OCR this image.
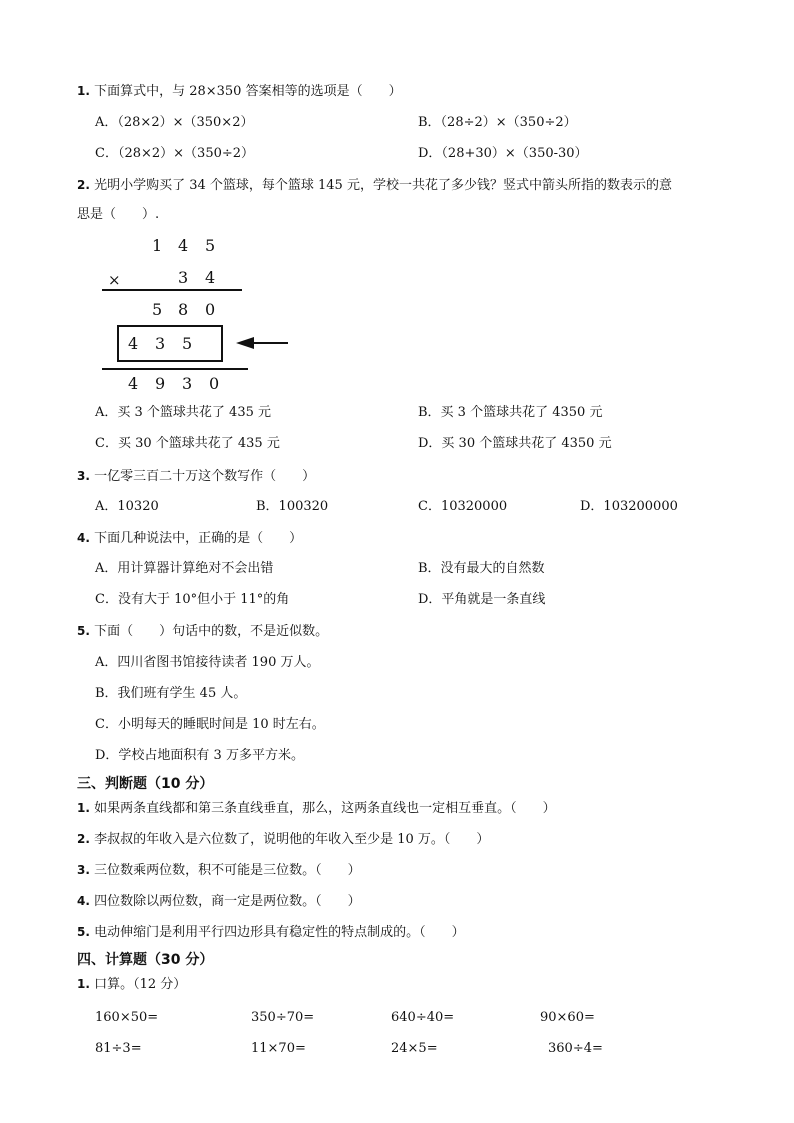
1. 下面算式中，与 28×350 答案相等的选项是（　　）
A．（28×2）×（350×2）	B．（28÷2）×（350÷2）
C．（28×2）×（350÷2）	D．（28+30）×（350-30）
2. 光明小学购买了 34 个篮球，每个篮球 145 元，学校一共花了多少钱？竖式中箭头所指的数表示的意
思是（　　）.
1 4 5
×	3 4
5 8 0
4 3 5
4 9 3 0
A．买 3 个篮球共花了 435 元	B．买 3 个篮球共花了 4350 元
C．买 30 个篮球共花了 435 元	D．买 30 个篮球共花了 4350 元
3. 一亿零三百二十万这个数写作（　　）
A．10320	B．100320	C．10320000	D．103200000
4. 下面几种说法中，正确的是（　　）
A．用计算器计算绝对不会出错	B．没有最大的自然数
C．没有大于 10°但小于 11°的角	D．平角就是一条直线
5. 下面（　　）句话中的数，不是近似数。
A．四川省图书馆接待读者 190 万人。
B．我们班有学生 45 人。
C．小明每天的睡眠时间是 10 时左右。
D．学校占地面积有 3 万多平方米。
三、判断题（10 分）
1. 如果两条直线都和第三条直线垂直，那么，这两条直线也一定相互垂直。（　　）
2. 李叔叔的年收入是六位数了，说明他的年收入至少是 10 万。（　　）
3. 三位数乘两位数，积不可能是三位数。（　　）
4. 四位数除以两位数，商一定是两位数。（　　）
5. 电动伸缩门是利用平行四边形具有稳定性的特点制成的。（　　）
四、计算题（30 分）
1. 口算。（12 分）
160×50=	350÷70=	640÷40=	90×60=
81÷3=	11×70=	24×5=	360÷4=
